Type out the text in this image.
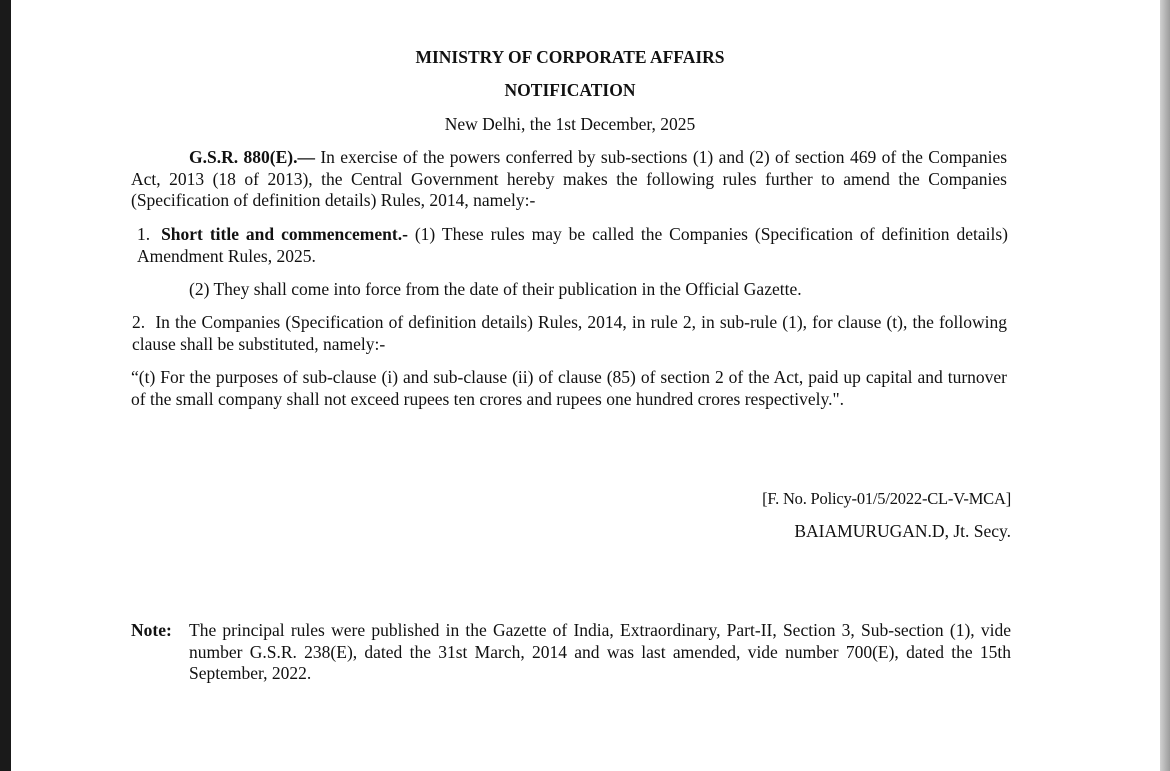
MINISTRY OF CORPORATE AFFAIRS
NOTIFICATION
New Delhi, the 1st December, 2025
G.S.R. 880(E).— In exercise of the powers conferred by sub-sections (1) and (2) of section 469 of the Companies Act, 2013 (18 of 2013), the Central Government hereby makes the following rules further to amend the Companies (Specification of definition details) Rules, 2014, namely:-
1. Short title and commencement.- (1) These rules may be called the Companies (Specification of definition details) Amendment Rules, 2025.
(2) They shall come into force from the date of their publication in the Official Gazette.
2. In the Companies (Specification of definition details) Rules, 2014, in rule 2, in sub-rule (1), for clause (t), the following clause shall be substituted, namely:-
“(t) For the purposes of sub-clause (i) and sub-clause (ii) of clause (85) of section 2 of the Act, paid up capital and turnover of the small company shall not exceed rupees ten crores and rupees one hundred crores respectively.".
[F. No. Policy-01/5/2022-CL-V-MCA]
BAIAMURUGAN.D, Jt. Secy.
Note: The principal rules were published in the Gazette of India, Extraordinary, Part-II, Section 3, Sub-section (1), vide number G.S.R. 238(E), dated the 31st March, 2014 and was last amended, vide number 700(E), dated the 15th September, 2022.
